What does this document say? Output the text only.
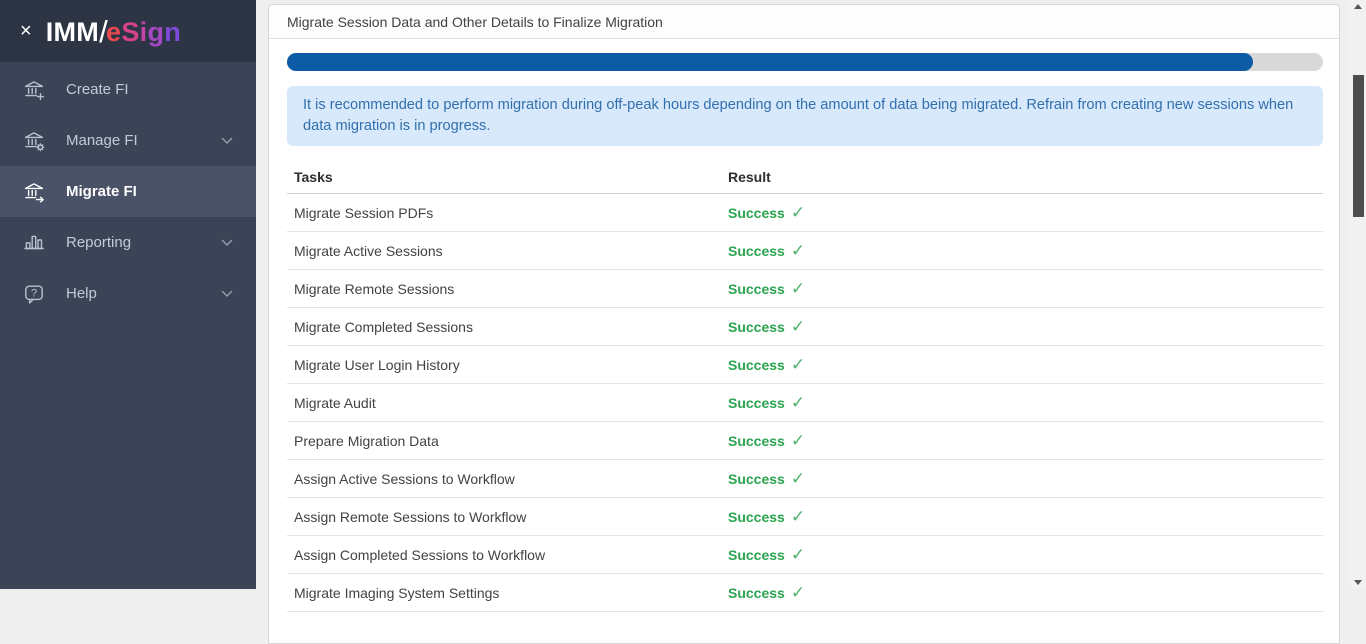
× IMM /
eSign
Create FI
Manage FI
Migrate FI
Reporting
? Help
Migrate Session Data and Other Details to Finalize Migration
It is recommended to perform migration during off-peak hours depending on the amount of data being migrated. Refrain from creating new sessions when data migration is in progress.
Tasks	Result
Migrate Session PDFs	Success ✓
Migrate Active Sessions	Success ✓
Migrate Remote Sessions	Success ✓
Migrate Completed Sessions	Success ✓
Migrate User Login History	Success ✓
Migrate Audit	Success ✓
Prepare Migration Data	Success ✓
Assign Active Sessions to Workflow	Success ✓
Assign Remote Sessions to Workflow	Success ✓
Assign Completed Sessions to Workflow	Success ✓
Migrate Imaging System Settings	Success ✓
